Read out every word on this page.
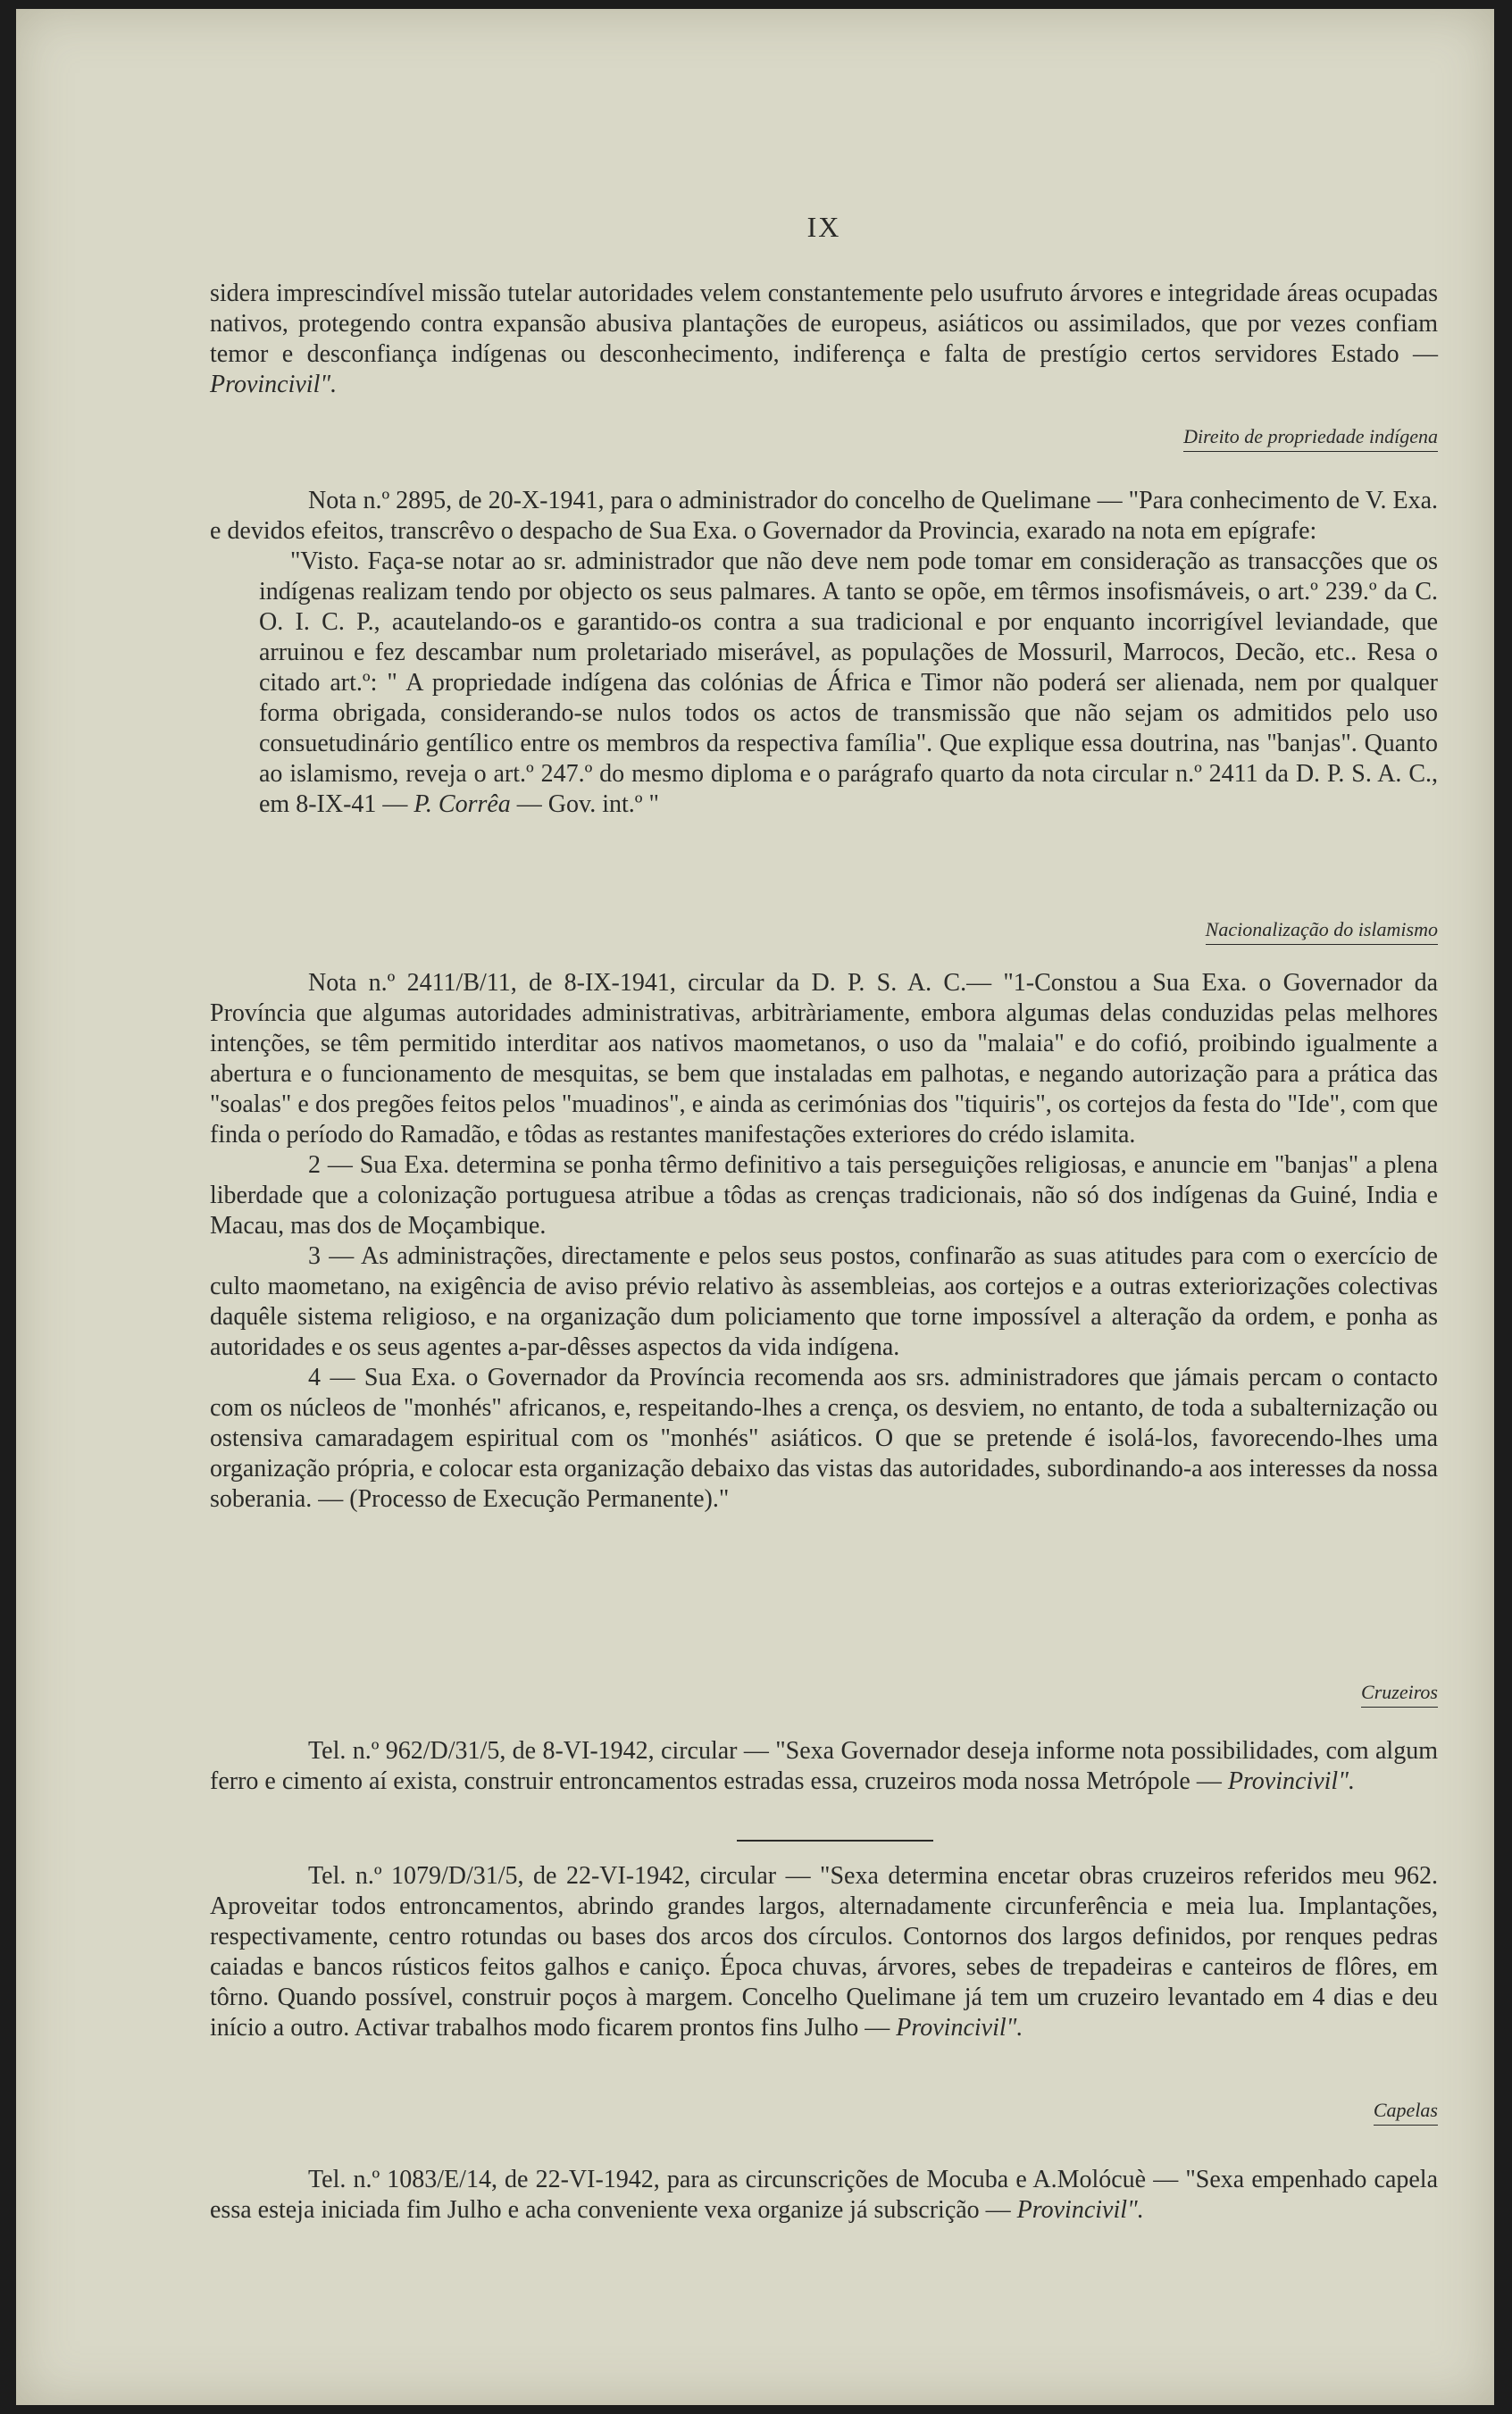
IX

sidera imprescindível missão tutelar autoridades velem constantemente pelo usufruto árvores e integridade áreas ocupadas nativos, protegendo contra expansão abusiva plantações de europeus, asiáticos ou assimilados, que por vezes confiam temor e desconfiança indígenas ou desconhecimento, indiferença e falta de prestígio certos servidores Estado — Provincivil".

Direito de propriedade indígena

Nota n.º 2895, de 20-X-1941, para o administrador do concelho de Quelimane — "Para conhecimento de V. Exa. e devidos efeitos, transcrêvo o despacho de Sua Exa. o Governador da Provincia, exarado na nota em epígrafe:

"Visto. Faça-se notar ao sr. administrador que não deve nem pode tomar em consideração as transacções que os indígenas realizam tendo por objecto os seus palmares. A tanto se opõe, em têrmos insofismáveis, o art.º 239.º da C. O. I. C. P., acautelando-os e garantido-os contra a sua tradicional e por enquanto incorrigível leviandade, que arruinou e fez descambar num proletariado miserável, as populações de Mossuril, Marrocos, Decão, etc.. Resa o citado art.º: " A propriedade indígena das colónias de África e Timor não poderá ser alienada, nem por qualquer forma obrigada, considerando-se nulos todos os actos de transmissão que não sejam os admitidos pelo uso consuetudinário gentílico entre os membros da respectiva família". Que explique essa doutrina, nas "banjas". Quanto ao islamismo, reveja o art.º 247.º do mesmo diploma e o parágrafo quarto da nota circular n.º 2411 da D. P. S. A. C., em 8-IX-41 — P. Corrêa — Gov. int.º "

Nacionalização do islamismo

Nota n.º 2411/B/11, de 8-IX-1941, circular da D. P. S. A. C.— "1-Constou a Sua Exa. o Governador da Província que algumas autoridades administrativas, arbitràriamente, embora algumas delas conduzidas pelas melhores intenções, se têm permitido interditar aos nativos maometanos, o uso da "malaia" e do cofió, proibindo igualmente a abertura e o funcionamento de mesquitas, se bem que instaladas em palhotas, e negando autorização para a prática das "soalas" e dos pregões feitos pelos "muadinos", e ainda as cerimónias dos "tiquiris", os cortejos da festa do "Ide", com que finda o período do Ramadão, e tôdas as restantes manifestações exteriores do crédo islamita.

2 — Sua Exa. determina se ponha têrmo definitivo a tais perseguições religiosas, e anuncie em "banjas" a plena liberdade que a colonização portuguesa atribue a tôdas as crenças tradicionais, não só dos indígenas da Guiné, India e Macau, mas dos de Moçambique.

3 — As administrações, directamente e pelos seus postos, confinarão as suas atitudes para com o exercício de culto maometano, na exigência de aviso prévio relativo às assembleias, aos cortejos e a outras exteriorizações colectivas daquêle sistema religioso, e na organização dum policiamento que torne impossível a alteração da ordem, e ponha as autoridades e os seus agentes a-par-dêsses aspectos da vida indígena.

4 — Sua Exa. o Governador da Província recomenda aos srs. administradores que jámais percam o contacto com os núcleos de "monhés" africanos, e, respeitando-lhes a crença, os desviem, no entanto, de toda a subalternização ou ostensiva camaradagem espiritual com os "monhés" asiáticos. O que se pretende é isolá-los, favorecendo-lhes uma organização própria, e colocar esta organização debaixo das vistas das autoridades, subordinando-a aos interesses da nossa soberania. — (Processo de Execução Permanente)."

Cruzeiros

Tel. n.º 962/D/31/5, de 8-VI-1942, circular — "Sexa Governador deseja informe nota possibilidades, com algum ferro e cimento aí exista, construir entroncamentos estradas essa, cruzeiros moda nossa Metrópole — Provincivil".

Tel. n.º 1079/D/31/5, de 22-VI-1942, circular — "Sexa determina encetar obras cruzeiros referidos meu 962. Aproveitar todos entroncamentos, abrindo grandes largos, alternadamente circunferência e meia lua. Implantações, respectivamente, centro rotundas ou bases dos arcos dos círculos. Contornos dos largos definidos, por renques pedras caiadas e bancos rústicos feitos galhos e caniço. Época chuvas, árvores, sebes de trepadeiras e canteiros de flôres, em tôrno. Quando possível, construir poços à margem. Concelho Quelimane já tem um cruzeiro levantado em 4 dias e deu início a outro. Activar trabalhos modo ficarem prontos fins Julho — Provincivil".

Capelas

Tel. n.º 1083/E/14, de 22-VI-1942, para as circunscrições de Mocuba e A.Molócuè — "Sexa empenhado capela essa esteja iniciada fim Julho e acha conveniente vexa organize já subscrição — Provincivil".
